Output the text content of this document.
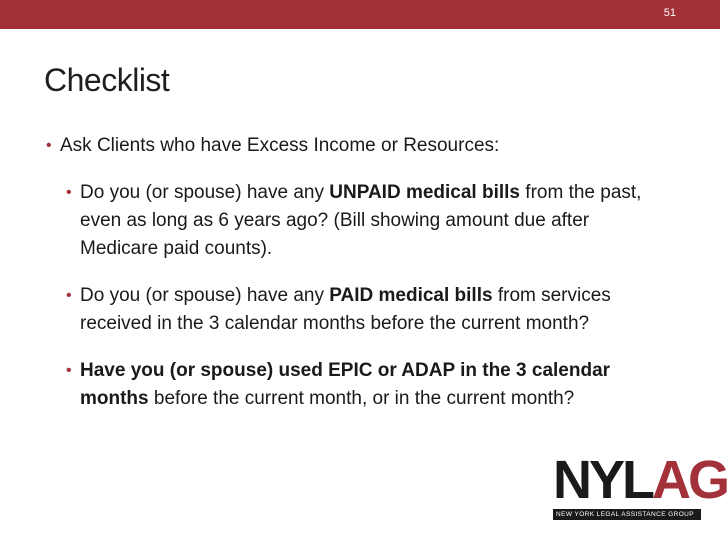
51
Checklist
• Ask Clients who have Excess Income or Resources:
• Do you (or spouse) have any UNPAID medical bills from the past, even as long as 6 years ago? (Bill showing amount due after Medicare paid counts).
• Do you (or spouse) have any PAID medical bills from services received in the 3 calendar months before the current month?
• Have you (or spouse) used EPIC or ADAP in the 3 calendar months before the current month, or in the current month?
NYLAG
NEW YORK LEGAL ASSISTANCE GROUP
